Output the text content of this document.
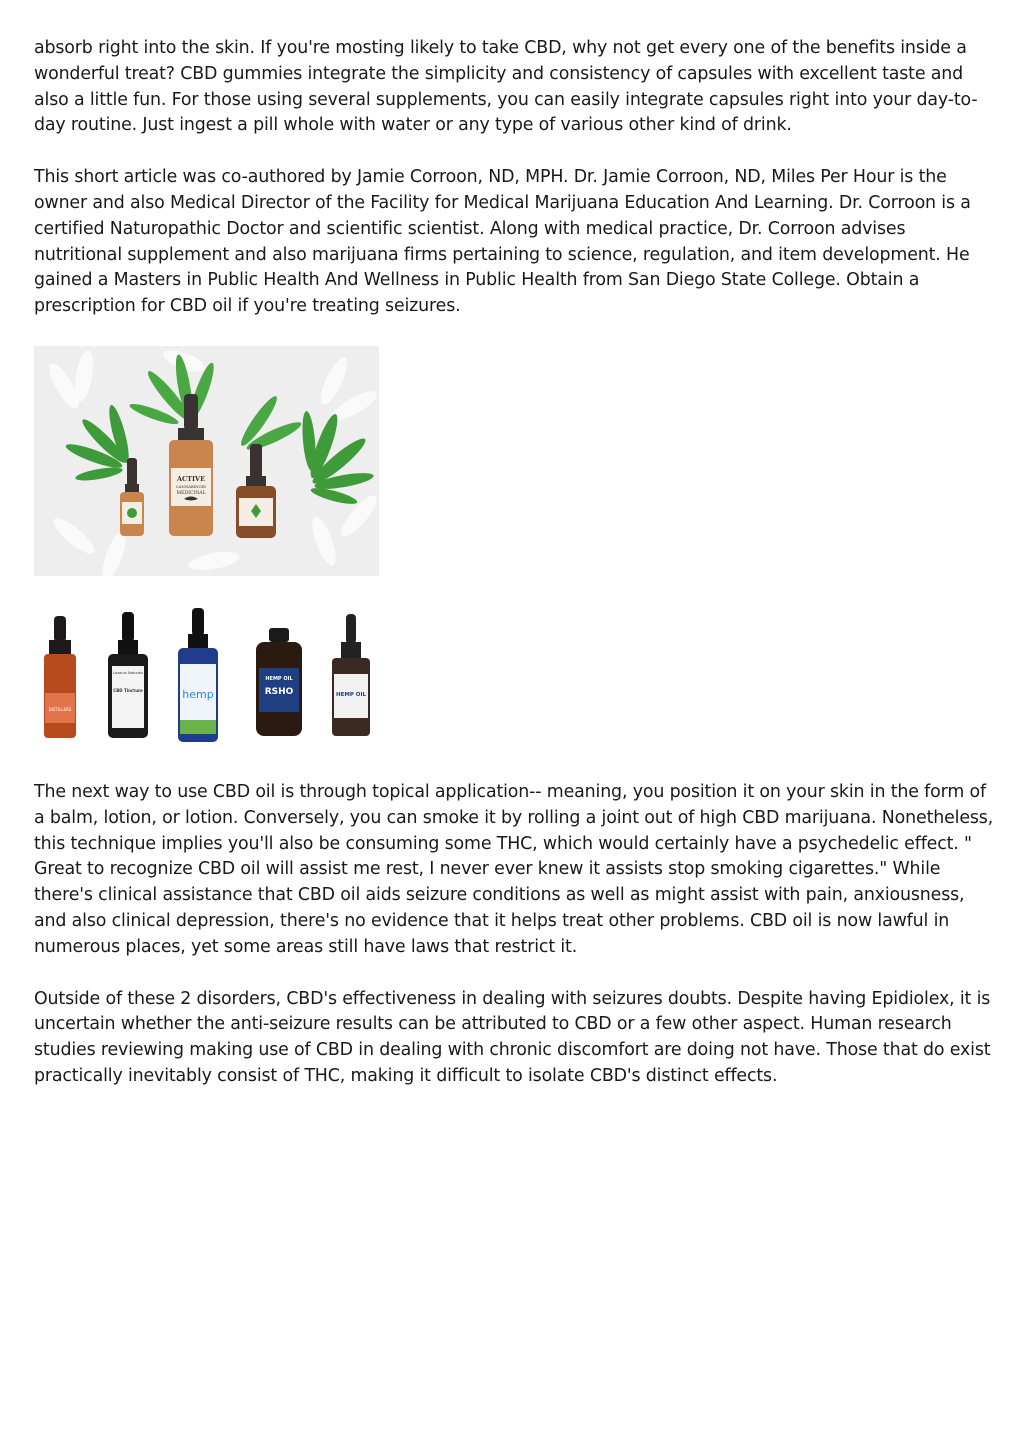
absorb right into the skin. If you're mosting likely to take CBD, why not get every one of the benefits inside a wonderful treat? CBD gummies integrate the simplicity and consistency of capsules with excellent taste and also a little fun. For those using several supplements, you can easily integrate capsules right into your day-to-day routine. Just ingest a pill whole with water or any type of various other kind of drink.

This short article was co-authored by Jamie Corroon, ND, MPH. Dr. Jamie Corroon, ND, Miles Per Hour is the owner and also Medical Director of the Facility for Medical Marijuana Education And Learning. Dr. Corroon is a certified Naturopathic Doctor and scientific scientist. Along with medical practice, Dr. Corroon advises nutritional supplement and also marijuana firms pertaining to science, regulation, and item development. He gained a Masters in Public Health And Wellness in Public Health from San Diego State College. Obtain a prescription for CBD oil if you're treating seizures.

ACTIVE
CANNABINOID
MEDICINAL
DISTILLERS
Lazarus Naturals
CBD Tincture	hemp
HEMP OIL
RSHO	HEMP OIL

The next way to use CBD oil is through topical application-- meaning, you position it on your skin in the form of a balm, lotion, or lotion. Conversely, you can smoke it by rolling a joint out of high CBD marijuana. Nonetheless, this technique implies you'll also be consuming some THC, which would certainly have a psychedelic effect. " Great to recognize CBD oil will assist me rest, I never ever knew it assists stop smoking cigarettes." While there's clinical assistance that CBD oil aids seizure conditions as well as might assist with pain, anxiousness, and also clinical depression, there's no evidence that it helps treat other problems. CBD oil is now lawful in numerous places, yet some areas still have laws that restrict it.

Outside of these 2 disorders, CBD's effectiveness in dealing with seizures doubts. Despite having Epidiolex, it is uncertain whether the anti-seizure results can be attributed to CBD or a few other aspect. Human research studies reviewing making use of CBD in dealing with chronic discomfort are doing not have. Those that do exist practically inevitably consist of THC, making it difficult to isolate CBD's distinct effects.
